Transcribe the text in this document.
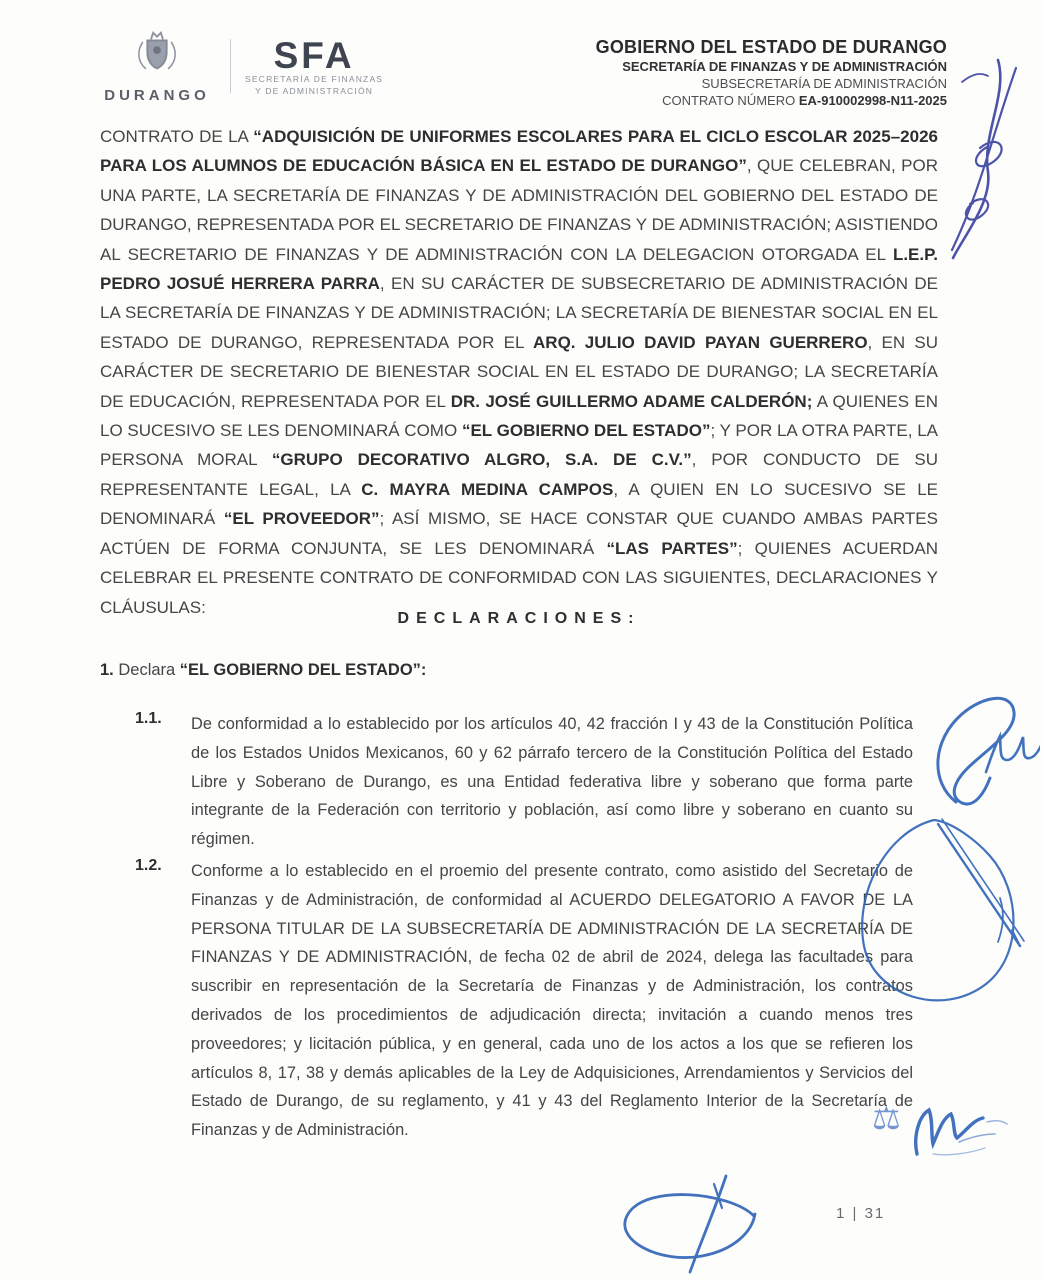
DURANGO
SFA
SECRETARÍA DE FINANZAS
Y DE ADMINISTRACIÓN
GOBIERNO DEL ESTADO DE DURANGO
SECRETARÍA DE FINANZAS Y DE ADMINISTRACIÓN
SUBSECRETARÍA DE ADMINISTRACIÓN
CONTRATO NÚMERO EA-910002998-N11-2025

CONTRATO DE LA “ADQUISICIÓN DE UNIFORMES ESCOLARES PARA EL CICLO ESCOLAR 2025–2026 PARA LOS ALUMNOS DE EDUCACIÓN BÁSICA EN EL ESTADO DE DURANGO”, QUE CELEBRAN, POR UNA PARTE, LA SECRETARÍA DE FINANZAS Y DE ADMINISTRACIÓN DEL GOBIERNO DEL ESTADO DE DURANGO, REPRESENTADA POR EL SECRETARIO DE FINANZAS Y DE ADMINISTRACIÓN; ASISTIENDO AL SECRETARIO DE FINANZAS Y DE ADMINISTRACIÓN CON LA DELEGACION OTORGADA EL L.E.P. PEDRO JOSUÉ HERRERA PARRA, EN SU CARÁCTER DE SUBSECRETARIO DE ADMINISTRACIÓN DE LA SECRETARÍA DE FINANZAS Y DE ADMINISTRACIÓN; LA SECRETARÍA DE BIENESTAR SOCIAL EN EL ESTADO DE DURANGO, REPRESENTADA POR EL ARQ. JULIO DAVID PAYAN GUERRERO, EN SU CARÁCTER DE SECRETARIO DE BIENESTAR SOCIAL EN EL ESTADO DE DURANGO; LA SECRETARÍA DE EDUCACIÓN, REPRESENTADA POR EL DR. JOSÉ GUILLERMO ADAME CALDERÓN; A QUIENES EN LO SUCESIVO SE LES DENOMINARÁ COMO “EL GOBIERNO DEL ESTADO”; Y POR LA OTRA PARTE, LA PERSONA MORAL “GRUPO DECORATIVO ALGRO, S.A. DE C.V.”, POR CONDUCTO DE SU REPRESENTANTE LEGAL, LA C. MAYRA MEDINA CAMPOS, A QUIEN EN LO SUCESIVO SE LE DENOMINARÁ “EL PROVEEDOR”; ASÍ MISMO, SE HACE CONSTAR QUE CUANDO AMBAS PARTES ACTÚEN DE FORMA CONJUNTA, SE LES DENOMINARÁ “LAS PARTES”; QUIENES ACUERDAN CELEBRAR EL PRESENTE CONTRATO DE CONFORMIDAD CON LAS SIGUIENTES, DECLARACIONES Y CLÁUSULAS:

DECLARACIONES:
1. Declara “EL GOBIERNO DEL ESTADO”:
1.1.	De conformidad a lo establecido por los artículos 40, 42 fracción I y 43 de la Constitución Política de los Estados Unidos Mexicanos, 60 y 62 párrafo tercero de la Constitución Política del Estado Libre y Soberano de Durango, es una Entidad federativa libre y soberano que forma parte integrante de la Federación con territorio y población, así como libre y soberano en cuanto su régimen.
1.2.	Conforme a lo establecido en el proemio del presente contrato, como asistido del Secretario de Finanzas y de Administración, de conformidad al ACUERDO DELEGATORIO A FAVOR DE LA PERSONA TITULAR DE LA SUBSECRETARÍA DE ADMINISTRACIÓN DE LA SECRETARÍA DE FINANZAS Y DE ADMINISTRACIÓN, de fecha 02 de abril de 2024, delega las facultades para suscribir en representación de la Secretaría de Finanzas y de Administración, los contratos derivados de los procedimientos de adjudicación directa; invitación a cuando menos tres proveedores; y licitación pública, y en general, cada uno de los actos a los que se refieren los artículos 8, 17, 38 y demás aplicables de la Ley de Adquisiciones, Arrendamientos y Servicios del Estado de Durango, de su reglamento, y 41 y 43 del Reglamento Interior de la Secretaría de Finanzas y de Administración.
1 | 31
⚖
